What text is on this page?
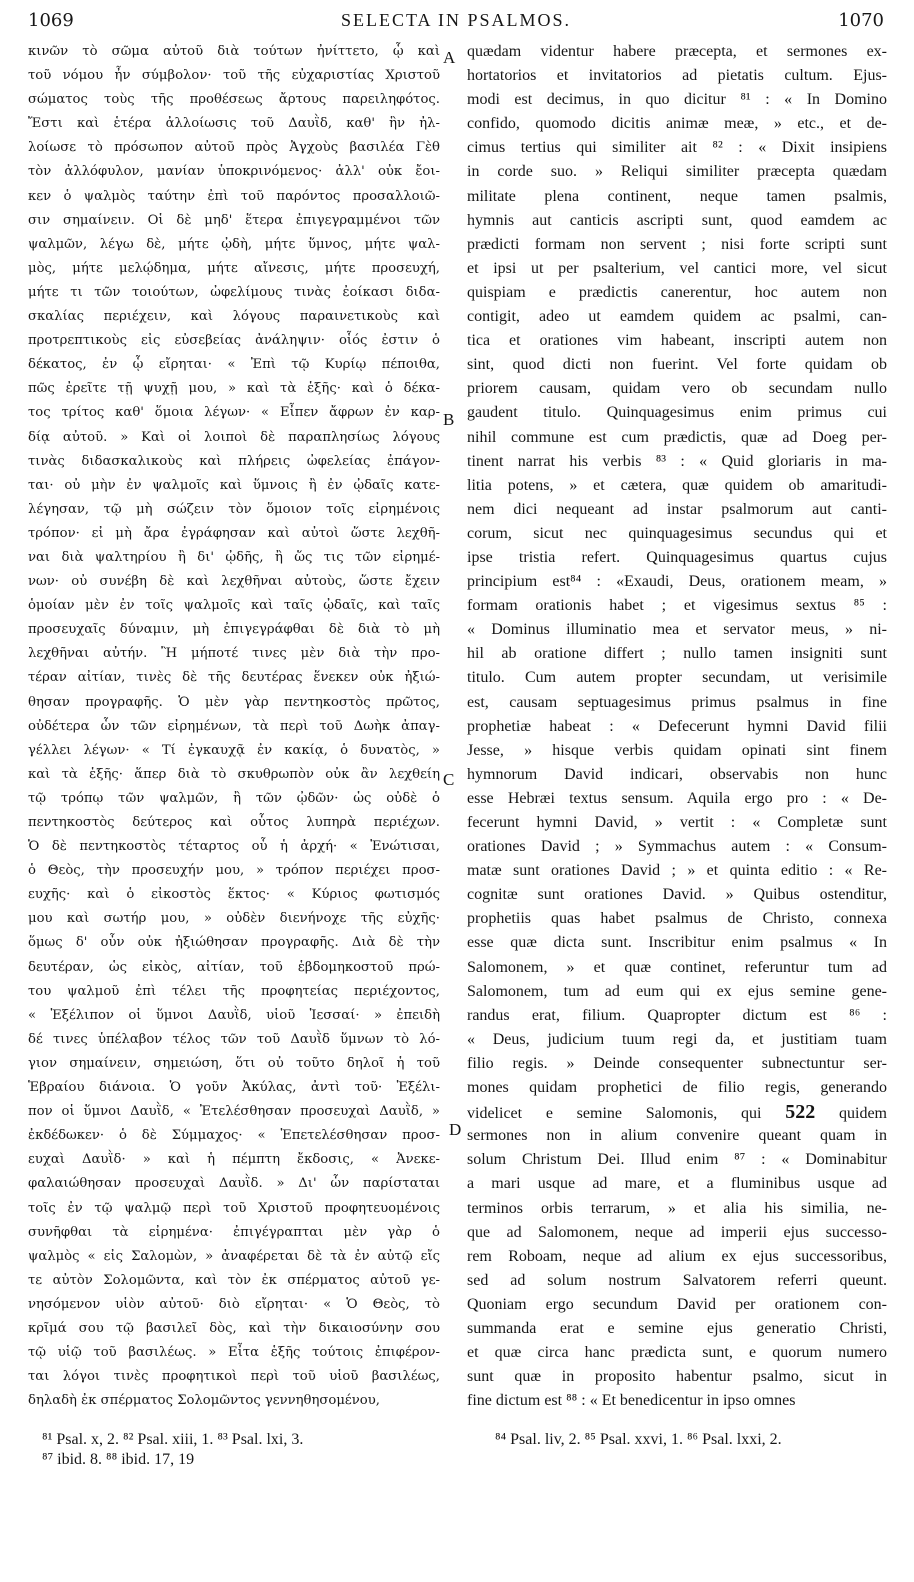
1069	SELECTA IN PSALMOS.	1070
κινῶν τὸ σῶμα αὐτοῦ διὰ τούτων ἠνίττετο, ᾧ καὶ
τοῦ νόμου ἦν σύμβολον· τοῦ τῆς εὐχαριστίας Χριστοῦ
σώματος τοὺς τῆς προθέσεως ἄρτους παρειληφότος.
Ἔστι καὶ ἑτέρα ἀλλοίωσις τοῦ Δαυῒδ, καθ' ἣν ἠλ-
λοίωσε τὸ πρόσωπον αὐτοῦ πρὸς Ἀγχοὺς βασιλέα Γὲθ
τὸν ἀλλόφυλον, μανίαν ὑποκρινόμενος· ἀλλ' οὐκ ἔοι-
κεν ὁ ψαλμὸς ταύτην ἐπὶ τοῦ παρόντος προσαλλοιῶ-
σιν σημαίνειν. Οἱ δὲ μηδ' ἕτερα ἐπιγεγραμμένοι τῶν
ψαλμῶν, λέγω δὲ, μήτε ᾠδὴ, μήτε ὕμνος, μήτε ψαλ-
μὸς, μήτε μελῴδημα, μήτε αἴνεσις, μήτε προσευχή,
μήτε τι τῶν τοιούτων, ὠφελίμους τινὰς ἐοίκασι διδα-
σκαλίας περιέχειν, καὶ λόγους παραινετικοὺς καὶ
προτρεπτικοὺς εἰς εὐσεβείας ἀνάληψιν· οἷός ἐστιν ὁ
δέκατος, ἐν ᾧ εἴρηται· « Ἐπὶ τῷ Κυρίῳ πέποιθα,
πῶς ἐρεῖτε τῇ ψυχῇ μου, » καὶ τὰ ἑξῆς· καὶ ὁ δέκα-
τος τρίτος καθ' ὅμοια λέγων· « Εἶπεν ἄφρων ἐν καρ-
δίᾳ αὐτοῦ. » Καὶ οἱ λοιποὶ δὲ παραπλησίως λόγους
τινὰς διδασκαλικοὺς καὶ πλήρεις ὠφελείας ἐπάγον-
ται· οὐ μὴν ἐν ψαλμοῖς καὶ ὕμνοις ἢ ἐν ᾠδαῖς κατε-
λέγησαν, τῷ μὴ σώζειν τὸν ὅμοιον τοῖς εἰρημένοις
τρόπον· εἰ μὴ ἄρα ἐγράφησαν καὶ αὐτοὶ ὥστε λεχθῆ-
ναι διὰ ψαλτηρίου ἢ δι' ᾠδῆς, ἢ ὥς τις τῶν εἰρημέ-
νων· οὐ συνέβη δὲ καὶ λεχθῆναι αὐτοὺς, ὥστε ἔχειν
ὁμοίαν μὲν ἐν τοῖς ψαλμοῖς καὶ ταῖς ᾠδαῖς, καὶ ταῖς
προσευχαῖς δύναμιν, μὴ ἐπιγεγράφθαι δὲ διὰ τὸ μὴ
λεχθῆναι αὐτήν. Ἢ μήποτέ τινες μὲν διὰ τὴν προ-
τέραν αἰτίαν, τινὲς δὲ τῆς δευτέρας ἕνεκεν οὐκ ἠξιώ-
θησαν προγραφῆς. Ὁ μὲν γὰρ πεντηκοστὸς πρῶτος,
οὐδέτερα ὧν τῶν εἰρημένων, τὰ περὶ τοῦ Δωὴκ ἀπαγ-
γέλλει λέγων· « Τί ἐγκαυχᾷ ἐν κακίᾳ, ὁ δυνατὸς, »
καὶ τὰ ἑξῆς· ἅπερ διὰ τὸ σκυθρωπὸν οὐκ ἂν λεχθείη
τῷ τρόπῳ τῶν ψαλμῶν, ἢ τῶν ᾠδῶν· ὡς οὐδὲ ὁ
πεντηκοστὸς δεύτερος καὶ οὗτος λυπηρὰ περιέχων.
Ὁ δὲ πεντηκοστὸς τέταρτος οὗ ἡ ἀρχή· « Ἐνώτισαι,
ὁ Θεὸς, τὴν προσευχήν μου, » τρόπον περιέχει προσ-
ευχῆς· καὶ ὁ εἰκοστὸς ἕκτος· « Κύριος φωτισμός
μου καὶ σωτήρ μου, » οὐδὲν διενήνοχε τῆς εὐχῆς·
ὅμως δ' οὖν οὐκ ἠξιώθησαν προγραφῆς. Διὰ δὲ τὴν
δευτέραν, ὡς εἰκὸς, αἰτίαν, τοῦ ἑβδομηκοστοῦ πρώ-
του ψαλμοῦ ἐπὶ τέλει τῆς προφητείας περιέχοντος,
« Ἐξέλιπον οἱ ὕμνοι Δαυῒδ, υἱοῦ Ἰεσσαί· » ἐπειδὴ
δέ τινες ὑπέλαβον τέλος τῶν τοῦ Δαυῒδ ὕμνων τὸ λό-
γιον σημαίνειν, σημειώση, ὅτι οὐ τοῦτο δηλοῖ ἡ τοῦ
Ἑβραίου διάνοια. Ὁ γοῦν Ἀκύλας, ἀντὶ τοῦ· Ἐξέλι-
πον οἱ ὕμνοι Δαυῒδ, « Ἐτελέσθησαν προσευχαὶ Δαυῒδ, »
ἐκδέδωκεν· ὁ δὲ Σύμμαχος· « Ἐπετελέσθησαν προσ-
ευχαὶ Δαυῒδ· » καὶ ἡ πέμπτη ἔκδοσις, « Ἀνεκε-
φαλαιώθησαν προσευχαὶ Δαυῒδ. » Δι' ὧν παρίσταται
τοῖς ἐν τῷ ψαλμῷ περὶ τοῦ Χριστοῦ προφητευομένοις
συνῆφθαι τὰ εἰρημένα· ἐπιγέγραπται μὲν γὰρ ὁ
ψαλμὸς « εἰς Σαλομὼν, » ἀναφέρεται δὲ τὰ ἐν αὐτῷ εἴς
τε αὐτὸν Σολομῶντα, καὶ τὸν ἐκ σπέρματος αὐτοῦ γε-
νησόμενον υἱὸν αὐτοῦ· διὸ εἴρηται· « Ὁ Θεὸς, τὸ
κρῖμά σου τῷ βασιλεῖ δὸς, καὶ τὴν δικαιοσύνην σου
τῷ υἱῷ τοῦ βασιλέως. » Εἶτα ἑξῆς τούτοις ἐπιφέρον-
ται λόγοι τινὲς προφητικοὶ περὶ τοῦ υἱοῦ βασιλέως,
δηλαδὴ ἐκ σπέρματος Σολομῶντος γεννηθησομένου,
quædam videntur habere præcepta, et sermones ex-
hortatorios et invitatorios ad pietatis cultum. Ejus-
modi est decimus, in quo dicitur ⁸¹ : « In Domino
confido, quomodo dicitis animæ meæ, » etc., et de-
cimus tertius qui similiter ait ⁸² : « Dixit insipiens
in corde suo. » Reliqui similiter præcepta quædam
militate plena continent, neque tamen psalmis,
hymnis aut canticis ascripti sunt, quod eamdem ac
prædicti formam non servent ; nisi forte scripti sunt
et ipsi ut per psalterium, vel cantici more, vel sicut
quispiam e prædictis canerentur, hoc autem non
contigit, adeo ut eamdem quidem ac psalmi, can-
tica et orationes vim habeant, inscripti autem non
sint, quod dicti non fuerint. Vel forte quidam ob
priorem causam, quidam vero ob secundam nullo
gaudent titulo. Quinquagesimus enim primus cui
nihil commune est cum prædictis, quæ ad Doeg per-
tinent narrat his verbis ⁸³ : « Quid gloriaris in ma-
litia potens, » et cætera, quæ quidem ob amaritudi-
nem dici nequeant ad instar psalmorum aut canti-
corum, sicut nec quinquagesimus secundus qui et
ipse tristia refert. Quinquagesimus quartus cujus
principium est⁸⁴ : «Exaudi, Deus, orationem meam, »
formam orationis habet ; et vigesimus sextus ⁸⁵ :
« Dominus illuminatio mea et servator meus, » ni-
hil ab oratione differt ; nullo tamen insigniti sunt
titulo. Cum autem propter secundam, ut verisimile
est, causam septuagesimus primus psalmus in fine
prophetiæ habeat : « Defecerunt hymni David filii
Jesse, » hisque verbis quidam opinati sint finem
hymnorum David indicari, observabis non hunc
esse Hebræi textus sensum. Aquila ergo pro : « De-
fecerunt hymni David, » vertit : « Completæ sunt
orationes David ; » Symmachus autem : « Consum-
matæ sunt orationes David ; » et quinta editio : « Re-
cognitæ sunt orationes David. » Quibus ostenditur,
prophetiis quas habet psalmus de Christo, connexa
esse quæ dicta sunt. Inscribitur enim psalmus « In
Salomonem, » et quæ continet, referuntur tum ad
Salomonem, tum ad eum qui ex ejus semine gene-
randus erat, filium. Quapropter dictum est ⁸⁶ :
« Deus, judicium tuum regi da, et justitiam tuam
filio regis. » Deinde consequenter subnectuntur ser-
mones quidam prophetici de filio regis, generando
videlicet e semine Salomonis, qui 522 quidem
sermones non in alium convenire queant quam in
solum Christum Dei. Illud enim ⁸⁷ : « Dominabitur
a mari usque ad mare, et a fluminibus usque ad
terminos orbis terrarum, » et alia his similia, ne-
que ad Salomonem, neque ad imperii ejus successo-
rem Roboam, neque ad alium ex ejus successoribus,
sed ad solum nostrum Salvatorem referri queunt.
Quoniam ergo secundum David per orationem con-
summanda erat e semine ejus generatio Christi,
et quæ circa hanc prædicta sunt, e quorum numero
sunt quæ in proposito habentur psalmo, sicut in
fine dictum est ⁸⁸ : « Et benedicentur in ipso omnes
A
B
C
D
⁸¹ Psal. x, 2. ⁸² Psal. xiii, 1. ⁸³ Psal. lxi, 3.
⁸⁷ ibid. 8. ⁸⁸ ibid. 17, 19
⁸⁴ Psal. liv, 2. ⁸⁵ Psal. xxvi, 1. ⁸⁶ Psal. lxxi, 2.
